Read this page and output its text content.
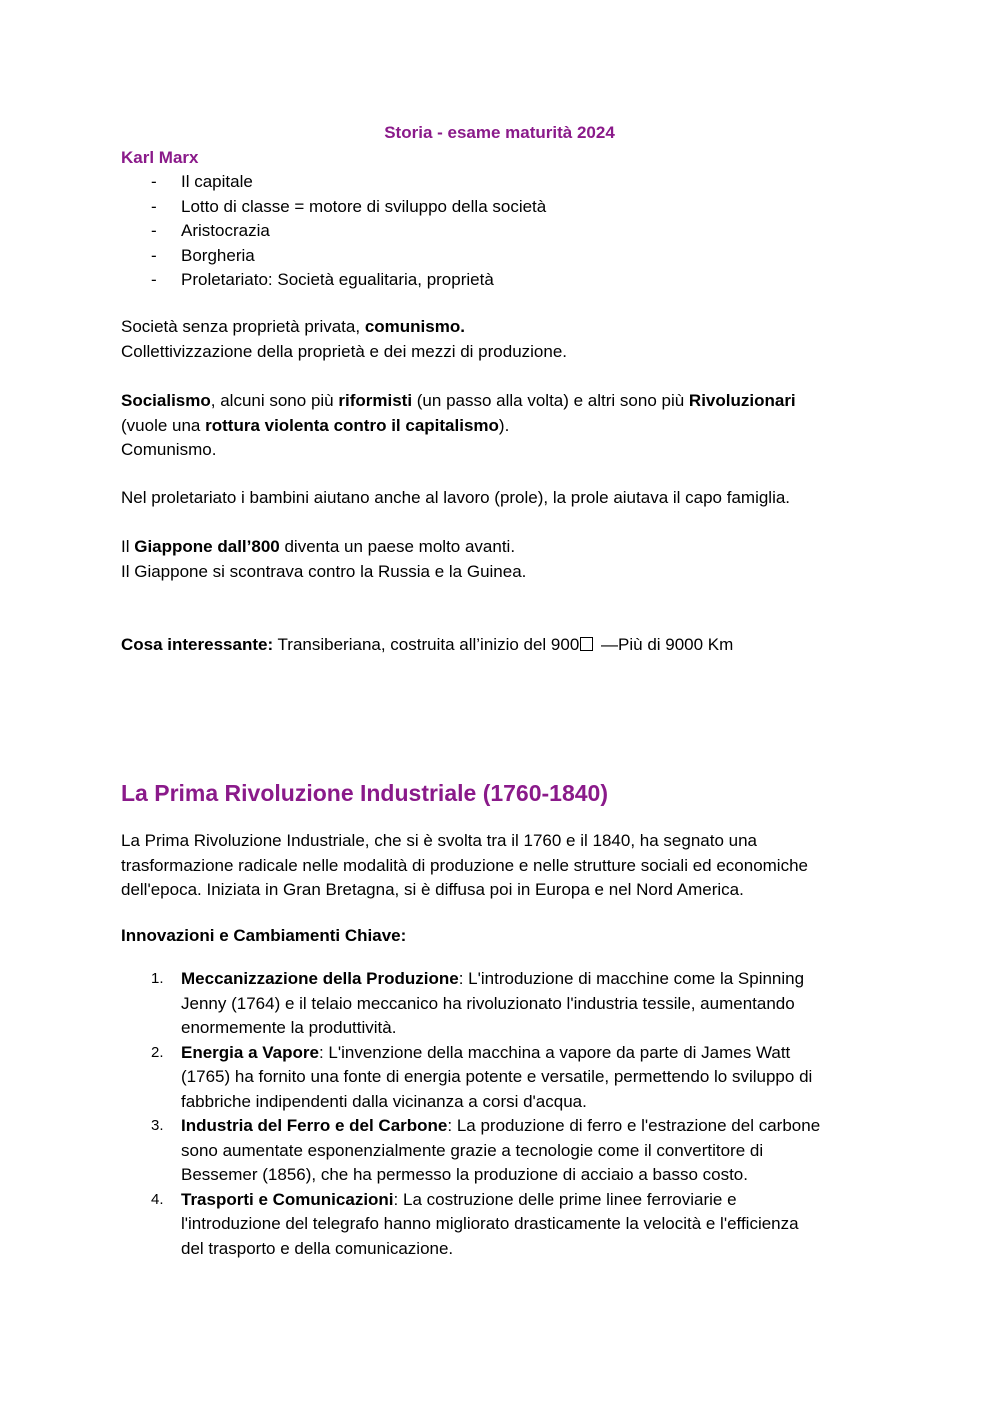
Storia - esame maturità 2024
Karl Marx
- Il capitale
- Lotto di classe = motore di sviluppo della società
- Aristocrazia
- Borgheria
- Proletariato: Società egualitaria, proprietà

Società senza proprietà privata, comunismo.

Collettivizzazione della proprietà e dei mezzi di produzione.

Socialismo, alcuni sono più riformisti (un passo alla volta) e altri sono più Rivoluzionari

(vuole una rottura violenta contro il capitalismo).

Comunismo.

Nel proletariato i bambini aiutano anche al lavoro (prole), la prole aiutava il capo famiglia.

Il Giappone dall’800 diventa un paese molto avanti.

Il Giappone si scontrava contro la Russia e la Guinea.

Cosa interessante: Transiberiana, costruita all’inizio del 900 —Più di 9000 Km

La Prima Rivoluzione Industriale (1760-1840)

La Prima Rivoluzione Industriale, che si è svolta tra il 1760 e il 1840, ha segnato una

trasformazione radicale nelle modalità di produzione e nelle strutture sociali ed economiche

dell'epoca. Iniziata in Gran Bretagna, si è diffusa poi in Europa e nel Nord America.

Innovazioni e Cambiamenti Chiave:

1. Meccanizzazione della Produzione: L'introduzione di macchine come la Spinning
Jenny (1764) e il telaio meccanico ha rivoluzionato l'industria tessile, aumentando
enormemente la produttività.
2. Energia a Vapore: L'invenzione della macchina a vapore da parte di James Watt
(1765) ha fornito una fonte di energia potente e versatile, permettendo lo sviluppo di
fabbriche indipendenti dalla vicinanza a corsi d'acqua.
3. Industria del Ferro e del Carbone: La produzione di ferro e l'estrazione del carbone
sono aumentate esponenzialmente grazie a tecnologie come il convertitore di
Bessemer (1856), che ha permesso la produzione di acciaio a basso costo.
4. Trasporti e Comunicazioni: La costruzione delle prime linee ferroviarie e
l'introduzione del telegrafo hanno migliorato drasticamente la velocità e l'efficienza
del trasporto e della comunicazione.
